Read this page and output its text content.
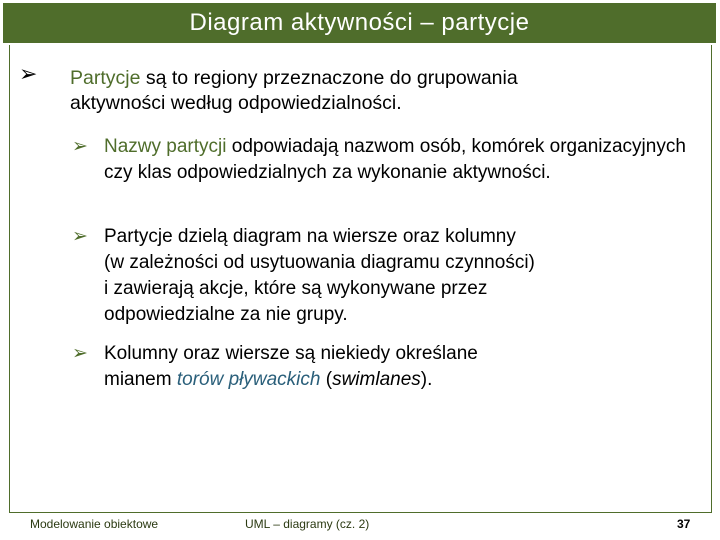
Diagram aktywności – partycje
➢ Partycje są to regiony przeznaczone do grupowania
aktywności według odpowiedzialności.
➢ Nazwy partycji odpowiadają nazwom osób, komórek organizacyjnych czy klas odpowiedzialnych za wykonanie aktywności.
➢ Partycje dzielą diagram na wiersze oraz kolumny
(w zależności od usytuowania diagramu czynności)
i zawierają akcje, które są wykonywane przez
odpowiedzialne za nie grupy.
➢ Kolumny oraz wiersze są niekiedy określane
mianem torów pływackich (swimlanes).
Modelowanie obiektowe	UML – diagramy (cz. 2)	37
